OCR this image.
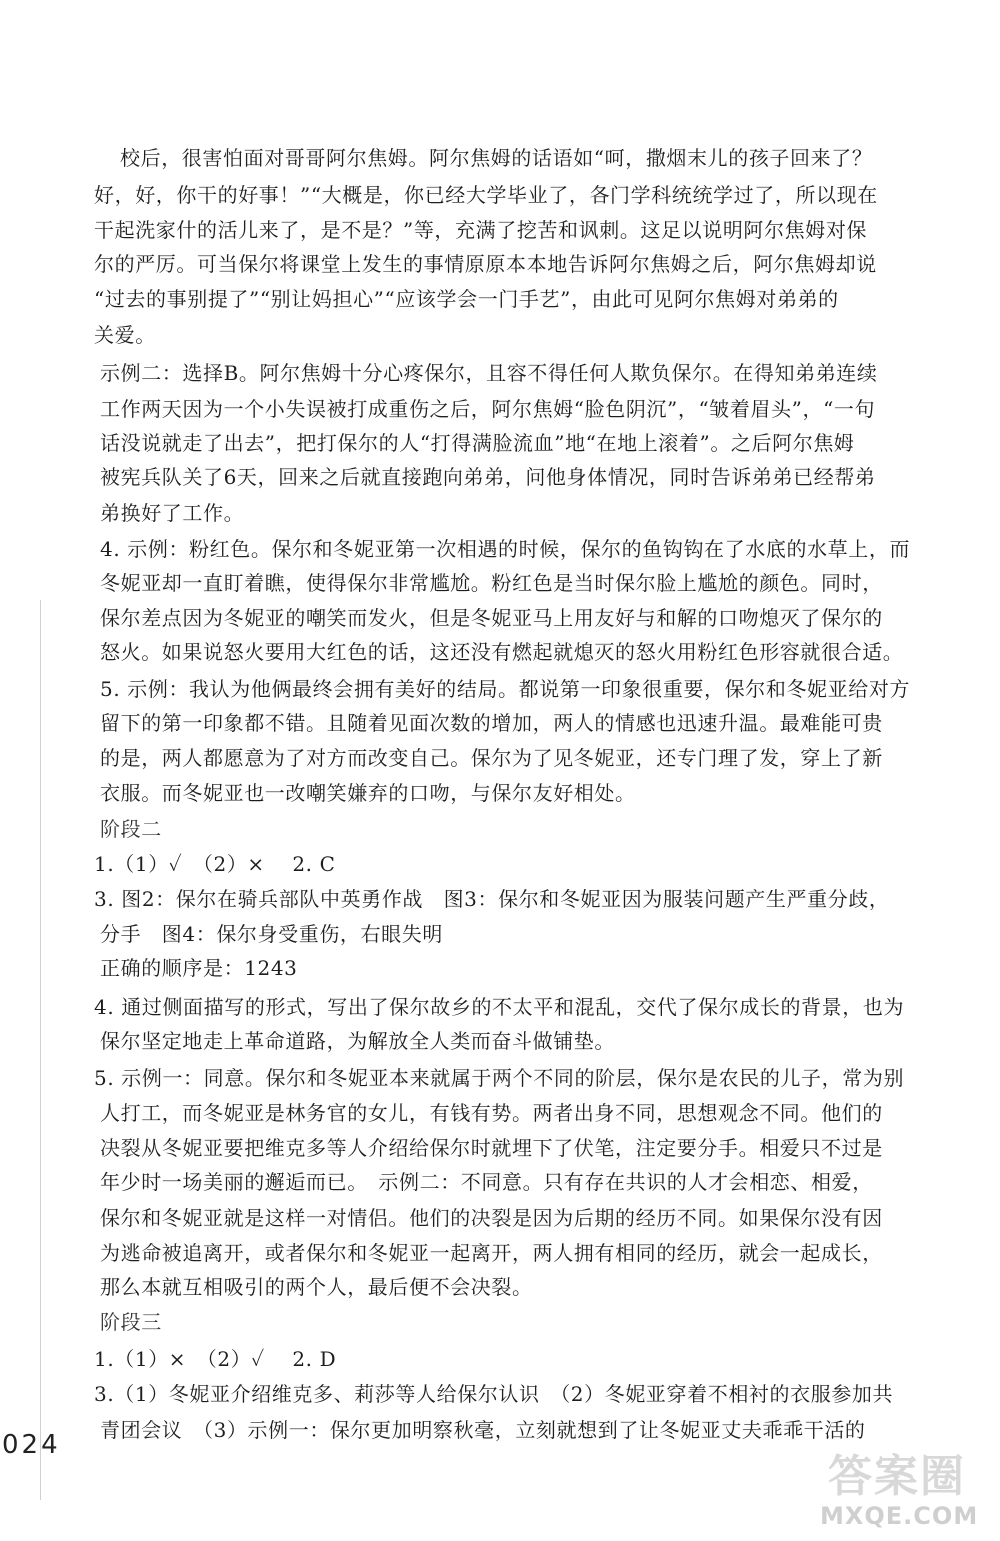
校后，很害怕面对哥哥阿尔焦姆。阿尔焦姆的话语如“呵，撒烟末儿的孩子回来了？
好，好，你干的好事！”“大概是，你已经大学毕业了，各门学科统统学过了，所以现在
干起洗家什的活儿来了，是不是？”等，充满了挖苦和讽刺。这足以说明阿尔焦姆对保
尔的严厉。可当保尔将课堂上发生的事情原原本本地告诉阿尔焦姆之后，阿尔焦姆却说
“过去的事别提了”“别让妈担心”“应该学会一门手艺”，由此可见阿尔焦姆对弟弟的
关爱。
示例二：选择B。阿尔焦姆十分心疼保尔，且容不得任何人欺负保尔。在得知弟弟连续
工作两天因为一个小失误被打成重伤之后，阿尔焦姆“脸色阴沉”，“皱着眉头”，“一句
话没说就走了出去”，把打保尔的人“打得满脸流血”地“在地上滚着”。之后阿尔焦姆
被宪兵队关了6天，回来之后就直接跑向弟弟，问他身体情况，同时告诉弟弟已经帮弟
弟换好了工作。
4. 示例：粉红色。保尔和冬妮亚第一次相遇的时候，保尔的鱼钩钩在了水底的水草上，而
冬妮亚却一直盯着瞧，使得保尔非常尴尬。粉红色是当时保尔脸上尴尬的颜色。同时，
保尔差点因为冬妮亚的嘲笑而发火，但是冬妮亚马上用友好与和解的口吻熄灭了保尔的
怒火。如果说怒火要用大红色的话，这还没有燃起就熄灭的怒火用粉红色形容就很合适。
5. 示例：我认为他俩最终会拥有美好的结局。都说第一印象很重要，保尔和冬妮亚给对方
留下的第一印象都不错。且随着见面次数的增加，两人的情感也迅速升温。最难能可贵
的是，两人都愿意为了对方而改变自己。保尔为了见冬妮亚，还专门理了发，穿上了新
衣服。而冬妮亚也一改嘲笑嫌弃的口吻，与保尔友好相处。
阶段二
1.（1）✓　（2）×　 2. C
3. 图2：保尔在骑兵部队中英勇作战　图3：保尔和冬妮亚因为服装问题产生严重分歧，
分手　图4：保尔身受重伤，右眼失明
正确的顺序是：1243
4. 通过侧面描写的形式，写出了保尔故乡的不太平和混乱，交代了保尔成长的背景，也为
保尔坚定地走上革命道路，为解放全人类而奋斗做铺垫。
5. 示例一：同意。保尔和冬妮亚本来就属于两个不同的阶层，保尔是农民的儿子，常为别
人打工，而冬妮亚是林务官的女儿，有钱有势。两者出身不同，思想观念不同。他们的
决裂从冬妮亚要把维克多等人介绍给保尔时就埋下了伏笔，注定要分手。相爱只不过是
年少时一场美丽的邂逅而已。　示例二：不同意。只有存在共识的人才会相恋、相爱，
保尔和冬妮亚就是这样一对情侣。他们的决裂是因为后期的经历不同。如果保尔没有因
为逃命被追离开，或者保尔和冬妮亚一起离开，两人拥有相同的经历，就会一起成长，
那么本就互相吸引的两个人，最后便不会决裂。
阶段三
1.（1）×　（2）✓　 2. D
3.（1）冬妮亚介绍维克多、莉莎等人给保尔认识　（2）冬妮亚穿着不相衬的衣服参加共
青团会议　（3）示例一：保尔更加明察秋毫，立刻就想到了让冬妮亚丈夫乖乖干活的
024
答案圈
MXQE.COM
